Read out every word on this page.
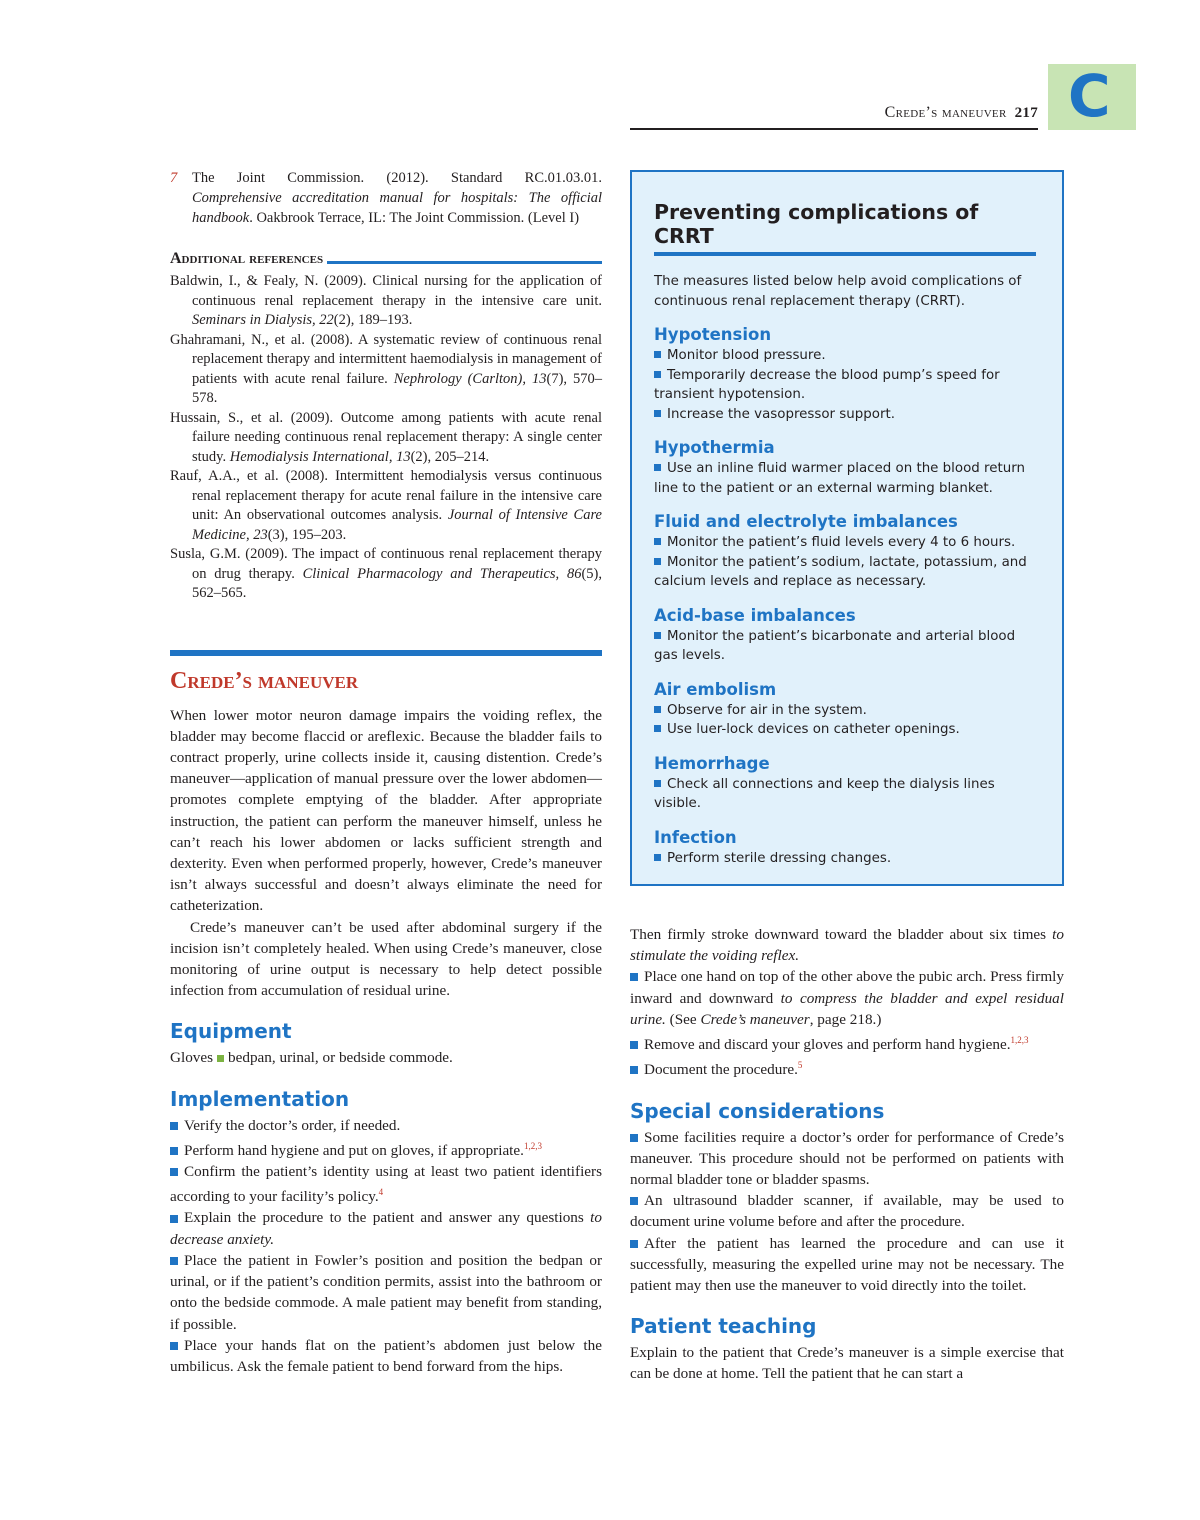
Crede’s maneuver 217 C

7 The Joint Commission. (2012). Standard RC.01.03.01. Comprehensive accreditation manual for hospitals: The official handbook. Oakbrook Terrace, IL: The Joint Commission. (Level I)

Additional references

Baldwin, I., & Fealy, N. (2009). Clinical nursing for the application of continuous renal replacement therapy in the intensive care unit. Seminars in Dialysis, 22(2), 189–193.

Ghahramani, N., et al. (2008). A systematic review of continuous renal replacement therapy and intermittent haemodialysis in management of patients with acute renal failure. Nephrology (Carlton), 13(7), 570–578.

Hussain, S., et al. (2009). Outcome among patients with acute renal failure needing continuous renal replacement therapy: A single center study. Hemodialysis International, 13(2), 205–214.

Rauf, A.A., et al. (2008). Intermittent hemodialysis versus continuous renal replacement therapy for acute renal failure in the intensive care unit: An observational outcomes analysis. Journal of Intensive Care Medicine, 23(3), 195–203.

Susla, G.M. (2009). The impact of continuous renal replacement therapy on drug therapy. Clinical Pharmacology and Therapeutics, 86(5), 562–565.

Crede’s maneuver

When lower motor neuron damage impairs the voiding reflex, the bladder may become flaccid or areflexic. Because the bladder fails to contract properly, urine collects inside it, causing distention. Crede’s maneuver—application of manual pressure over the lower abdomen—promotes complete emptying of the bladder. After appropriate instruction, the patient can perform the maneuver himself, unless he can’t reach his lower abdomen or lacks sufficient strength and dexterity. Even when performed properly, however, Crede’s maneuver isn’t always successful and doesn’t always eliminate the need for catheterization.

Crede’s maneuver can’t be used after abdominal surgery if the incision isn’t completely healed. When using Crede’s maneuver, close monitoring of urine output is necessary to help detect possible infection from accumulation of residual urine.

Equipment

Gloves bedpan, urinal, or bedside commode.

Implementation

Verify the doctor’s order, if needed.

Perform hand hygiene and put on gloves, if appropriate.$^{1,2,3}$

Confirm the patient’s identity using at least two patient identifiers according to your facility’s policy.$^4$

Explain the procedure to the patient and answer any questions to decrease anxiety.

Place the patient in Fowler’s position and position the bedpan or urinal, or if the patient’s condition permits, assist into the bathroom or onto the bedside commode. A male patient may benefit from standing, if possible.

Place your hands flat on the patient’s abdomen just below the umbilicus. Ask the female patient to bend forward from the hips.

Preventing complications of CRRT
The measures listed below help avoid complications of continuous renal replacement therapy (CRRT).
Hypotension

Monitor blood pressure.

Temporarily decrease the blood pump’s speed for transient hypotension.

Increase the vasopressor support.

Hypothermia

Use an inline fluid warmer placed on the blood return line to the patient or an external warming blanket.

Fluid and electrolyte imbalances

Monitor the patient’s fluid levels every 4 to 6 hours.

Monitor the patient’s sodium, lactate, potassium, and calcium levels and replace as necessary.

Acid-base imbalances

Monitor the patient’s bicarbonate and arterial blood gas levels.

Air embolism

Observe for air in the system.

Use luer-lock devices on catheter openings.

Hemorrhage

Check all connections and keep the dialysis lines visible.

Infection

Perform sterile dressing changes.

Then firmly stroke downward toward the bladder about six times to stimulate the voiding reflex.

Place one hand on top of the other above the pubic arch. Press firmly inward and downward to compress the bladder and expel residual urine. (See Crede’s maneuver, page 218.)

Remove and discard your gloves and perform hand hygiene.$^{1,2,3}$

Document the procedure.$^5$

Special considerations

Some facilities require a doctor’s order for performance of Crede’s maneuver. This procedure should not be performed on patients with normal bladder tone or bladder spasms.

An ultrasound bladder scanner, if available, may be used to document urine volume before and after the procedure.

After the patient has learned the procedure and can use it successfully, measuring the expelled urine may not be necessary. The patient may then use the maneuver to void directly into the toilet.

Patient teaching

Explain to the patient that Crede’s maneuver is a simple exercise that can be done at home. Tell the patient that he can start a
